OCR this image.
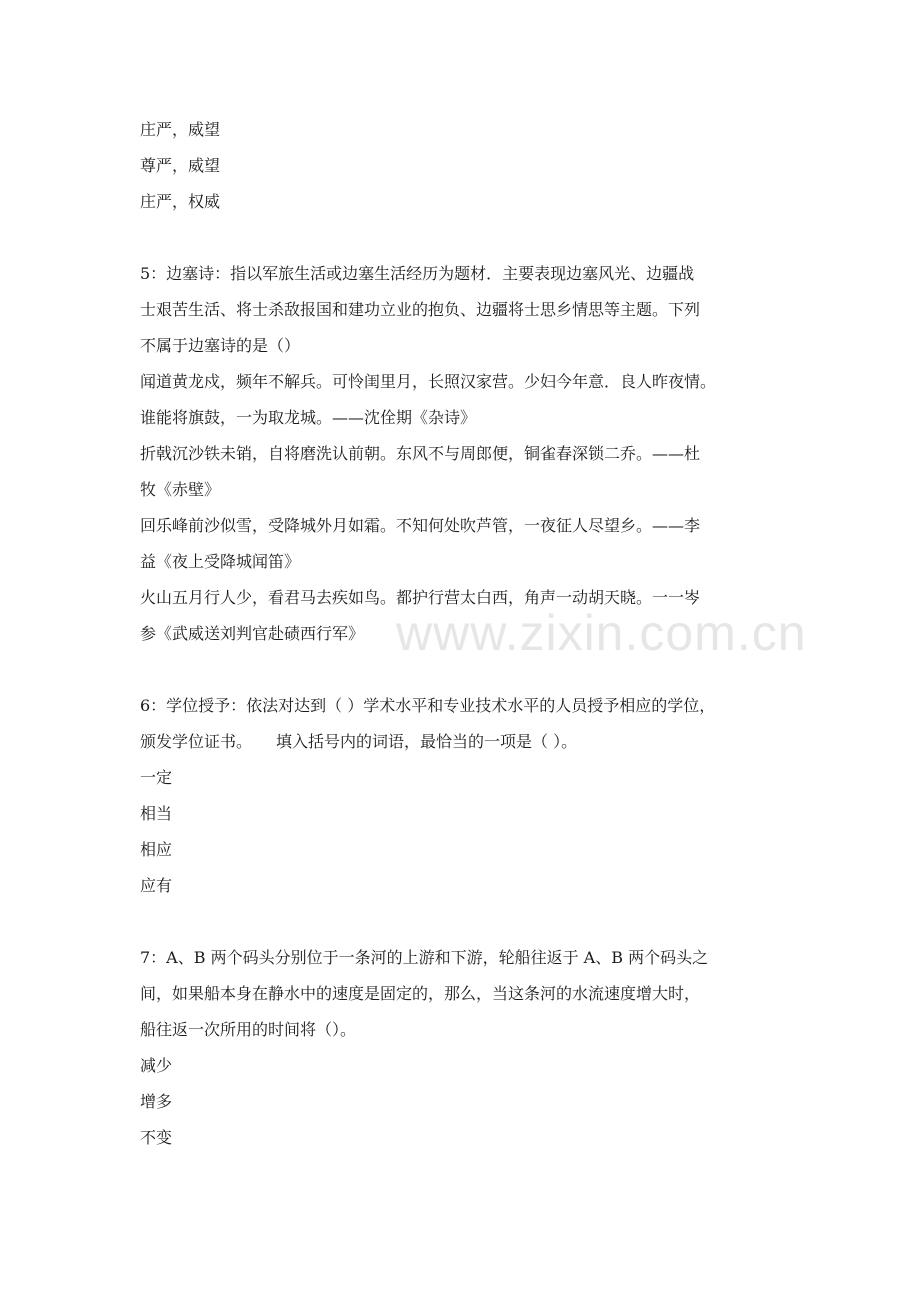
庄严，威望
尊严，威望
庄严，权威
5：边塞诗：指以军旅生活或边塞生活经历为题材．主要表现边塞风光、边疆战
士艰苦生活、将士杀敌报国和建功立业的抱负、边疆将士思乡情思等主题。下列
不属于边塞诗的是（）
闻道黄龙戍，频年不解兵。可怜闺里月，长照汉家营。少妇今年意．良人昨夜情。
谁能将旗鼓，一为取龙城。——沈佺期《杂诗》
折戟沉沙铁未销，自将磨洗认前朝。东风不与周郎便，铜雀春深锁二乔。——杜
牧《赤壁》
回乐峰前沙似雪，受降城外月如霜。不知何处吹芦管，一夜征人尽望乡。——李
益《夜上受降城闻笛》
火山五月行人少，看君马去疾如鸟。都护行营太白西，角声一动胡天晓。一一岑
参《武威送刘判官赴碛西行军》
6：学位授予：依法对达到（ ）学术水平和专业技术水平的人员授予相应的学位，
颁发学位证书。　　填入括号内的词语，最恰当的一项是（ ）。
一定
相当
相应
应有
7：A、B 两个码头分别位于一条河的上游和下游，轮船往返于 A、B 两个码头之
间，如果船本身在静水中的速度是固定的，那么，当这条河的水流速度增大时，
船往返一次所用的时间将（）。
减少
增多
不变
www.zixin.com.cn
